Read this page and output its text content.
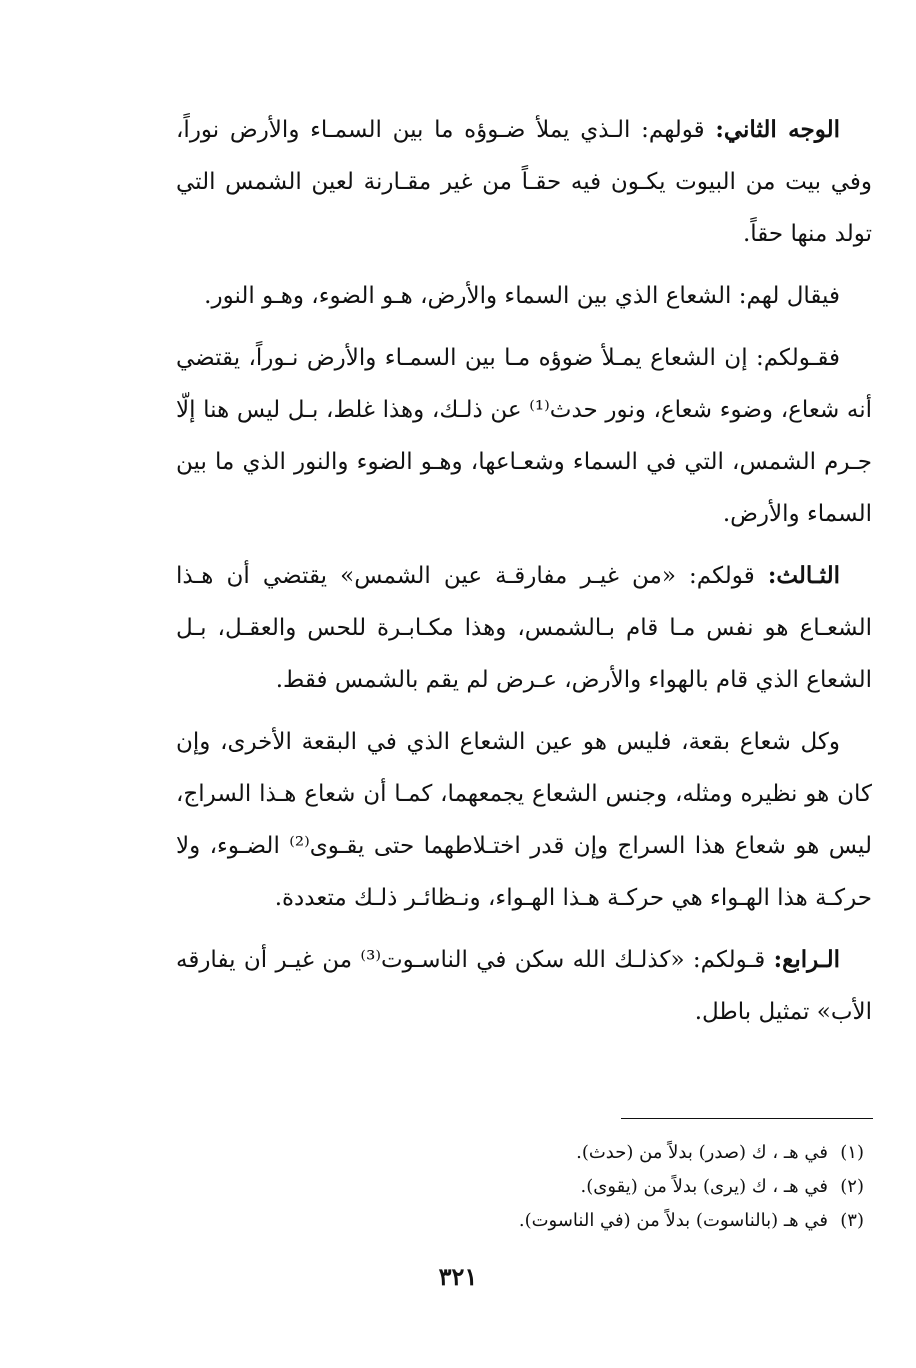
الوجه الثاني: قولهم: الـذي يملأ ضـوؤه ما بين السمـاء والأرض نوراً، وفي بيت من البيوت يكـون فيه حقـاً من غير مقـارنة لعين الشمس التي تولد منها حقاً.

فيقال لهم: الشعاع الذي بين السماء والأرض، هـو الضوء، وهـو النور.

فقـولكم: إن الشعاع يمـلأ ضوؤه مـا بين السمـاء والأرض نـوراً، يقتضي أنه شعاع، وضوء شعاع، ونور حدث⁽¹⁾ عن ذلـك، وهذا غلط، بـل ليس هنا إلّا جـرم الشمس، التي في السماء وشعـاعها، وهـو الضوء والنور الذي ما بين السماء والأرض.

الثـالث: قولكم: «من غيـر مفارقـة عين الشمس» يقتضي أن هـذا الشعـاع هو نفس مـا قام بـالشمس، وهذا مكـابـرة للحس والعقـل، بـل الشعاع الذي قام بالهواء والأرض، عـرض لم يقم بالشمس فقط.

وكل شعاع بقعة، فليس هو عين الشعاع الذي في البقعة الأخرى، وإن كان هو نظيره ومثله، وجنس الشعاع يجمعهما، كمـا أن شعاع هـذا السراج، ليس هو شعاع هذا السراج وإن قدر اختـلاطهما حتى يقـوى⁽²⁾ الضـوء، ولا حركـة هذا الهـواء هي حركـة هـذا الهـواء، ونـظائـر ذلـك متعددة.

الـرابع: قـولكم: «كذلـك الله سكن في الناسـوت⁽³⁾ من غيـر أن يفارقه الأب» تمثيل باطل.

(١)في هـ ، ك (صدر) بدلاً من (حدث).

(٢)في هـ ، ك (يرى) بدلاً من (يقوى).

(٣)في هـ (بالناسوت) بدلاً من (في الناسوت).

٣٢١
